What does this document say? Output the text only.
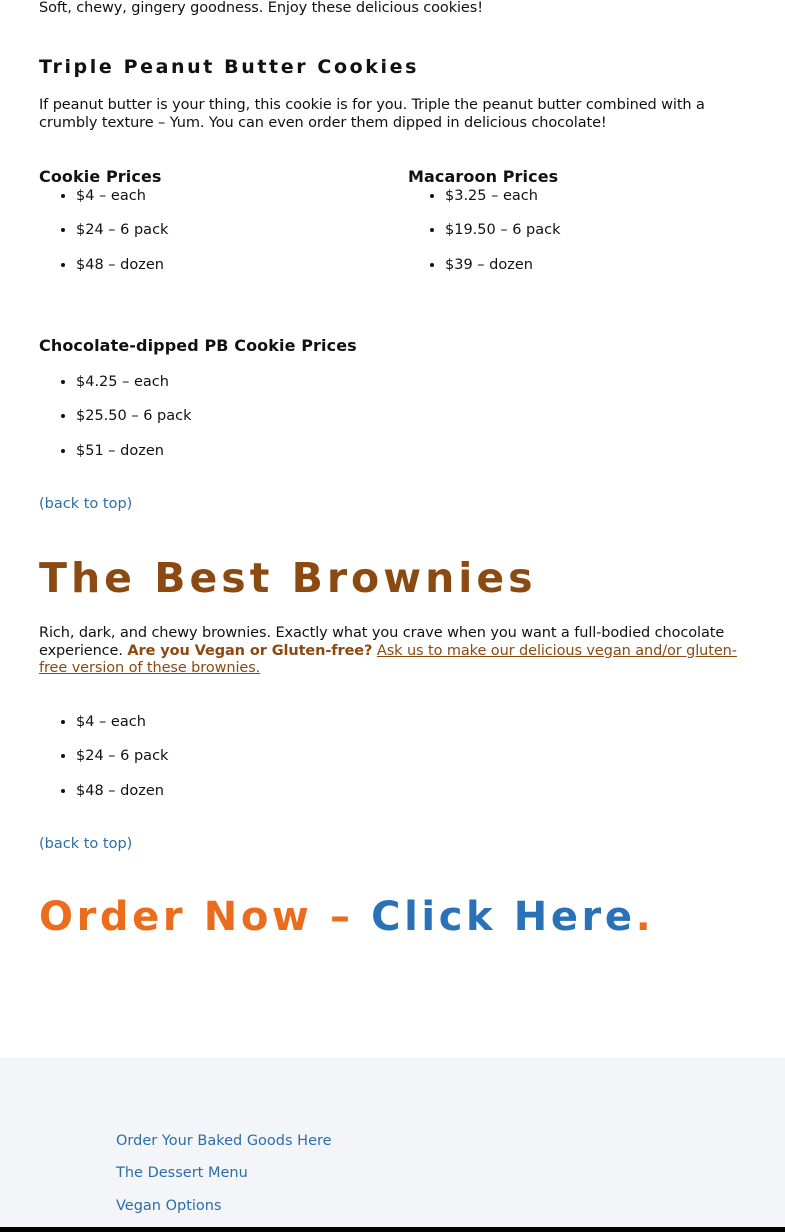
Soft, chewy, gingery goodness. Enjoy these delicious cookies!

Triple Peanut Butter Cookies

If peanut butter is your thing, this cookie is for you. Triple the peanut butter combined with a crumbly texture – Yum. You can even order them dipped in delicious chocolate!

Cookie Prices
• $4 – each
• $24 – 6 pack
• $48 – dozen
Macaroon Prices
• $3.25 – each
• $19.50 – 6 pack
• $39 – dozen
Chocolate-dipped PB Cookie Prices
• $4.25 – each
• $25.50 – 6 pack
• $51 – dozen
(back to top)
The Best Brownies

Rich, dark, and chewy brownies. Exactly what you crave when you want a full-bodied chocolate experience. Are you Vegan or Gluten-free? Ask us to make our delicious vegan and/or gluten-free version of these brownies.

• $4 – each
• $24 – 6 pack
• $48 – dozen
(back to top)
Order Now – Click Here.
Order Your Baked Goods Here
The Dessert Menu
Vegan Options
